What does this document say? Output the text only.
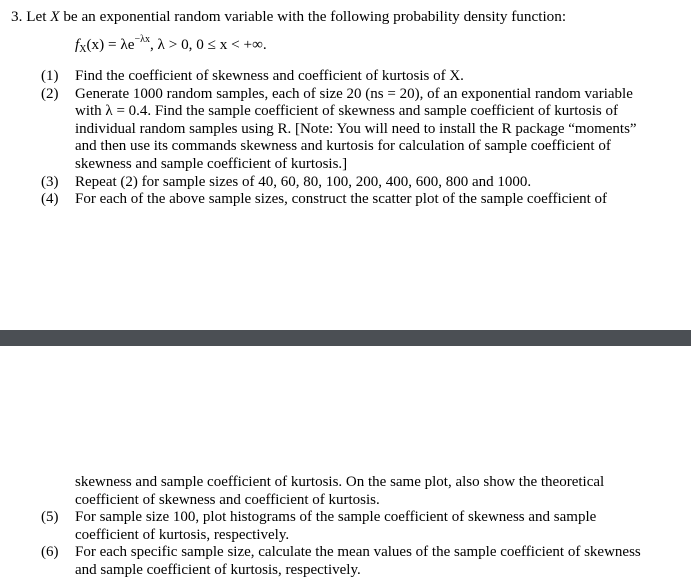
3. Let X be an exponential random variable with the following probability density function:
$f_X(x) = \lambda e^{-\lambda x}$, λ > 0, 0 ≤ x < +∞.
(1) Find the coefficient of skewness and coefficient of kurtosis of X.
(2) Generate 1000 random samples, each of size 20 (ns = 20), of an exponential random variable
with λ = 0.4. Find the sample coefficient of skewness and sample coefficient of kurtosis of
individual random samples using R. [Note: You will need to install the R package “moments”
and then use its commands skewness and kurtosis for calculation of sample coefficient of
skewness and sample coefficient of kurtosis.]
(3) Repeat (2) for sample sizes of 40, 60, 80, 100, 200, 400, 600, 800 and 1000.
(4) For each of the above sample sizes, construct the scatter plot of the sample coefficient of
skewness and sample coefficient of kurtosis. On the same plot, also show the theoretical
coefficient of skewness and coefficient of kurtosis.
(5) For sample size 100, plot histograms of the sample coefficient of skewness and sample
coefficient of kurtosis, respectively.
(6) For each specific sample size, calculate the mean values of the sample coefficient of skewness
and sample coefficient of kurtosis, respectively.
